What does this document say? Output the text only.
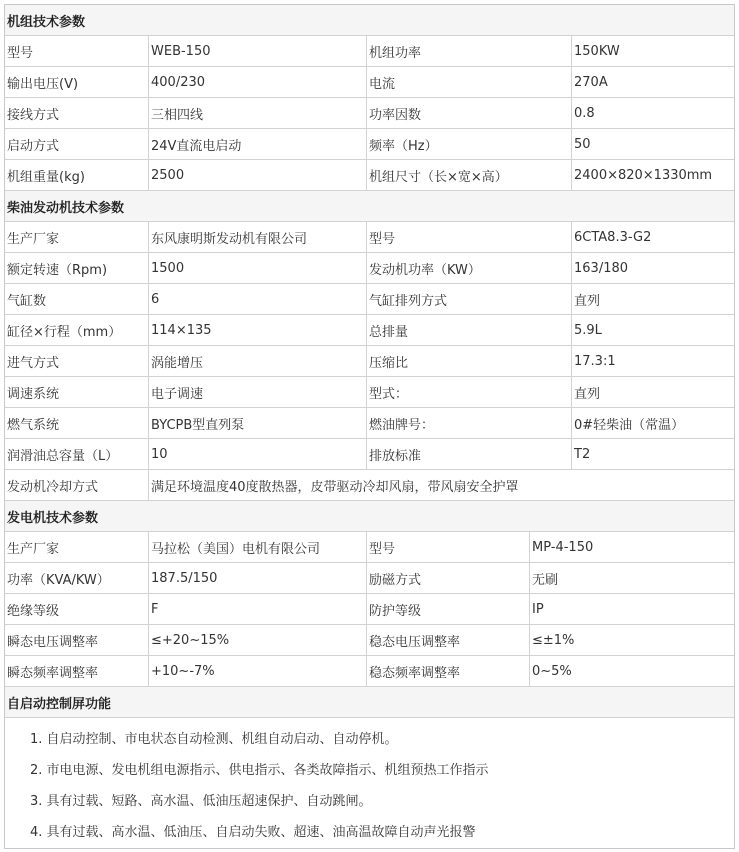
机组技术参数
型号	WEB-150	机组功率	150KW
输出电压(V)	400/230	电流	270A
接线方式	三相四线	功率因数	0.8
启动方式	24V直流电启动	频率（Hz）	50
机组重量(kg)	2500	机组尺寸（长×宽×高）	2400×820×1330mm
柴油发动机技术参数
生产厂家	东风康明斯发动机有限公司	型号	6CTA8.3-G2
额定转速（Rpm)	1500	发动机功率（KW）	163/180
气缸数	6	气缸排列方式	直列
缸径×行程（mm）	114×135	总排量	5.9L
进气方式	涡能增压	压缩比	17.3:1
调速系统	电子调速	型式：	直列
燃气系统	BYCPB型直列泵	燃油牌号：	0#轻柴油（常温）
润滑油总容量（L）	10	排放标准	T2
发动机冷却方式	满足环境温度40度散热器，皮带驱动冷却风扇，带风扇安全护罩
发电机技术参数
生产厂家	马拉松（美国）电机有限公司	型号	MP-4-150
功率（KVA/KW）	187.5/150	励磁方式	无刷
绝缘等级	F	防护等级	IP
瞬态电压调整率	≤+20~15%	稳态电压调整率	≤±1%
瞬态频率调整率	+10~-7%	稳态频率调整率	0~5%
自启动控制屏功能
1. 自启动控制、市电状态自动检测、机组自动启动、自动停机。
2. 市电电源、发电机组电源指示、供电指示、各类故障指示、机组预热工作指示
3. 具有过载、短路、高水温、低油压超速保护、自动跳闸。
4. 具有过载、高水温、低油压、自启动失败、超速、油高温故障自动声光报警
